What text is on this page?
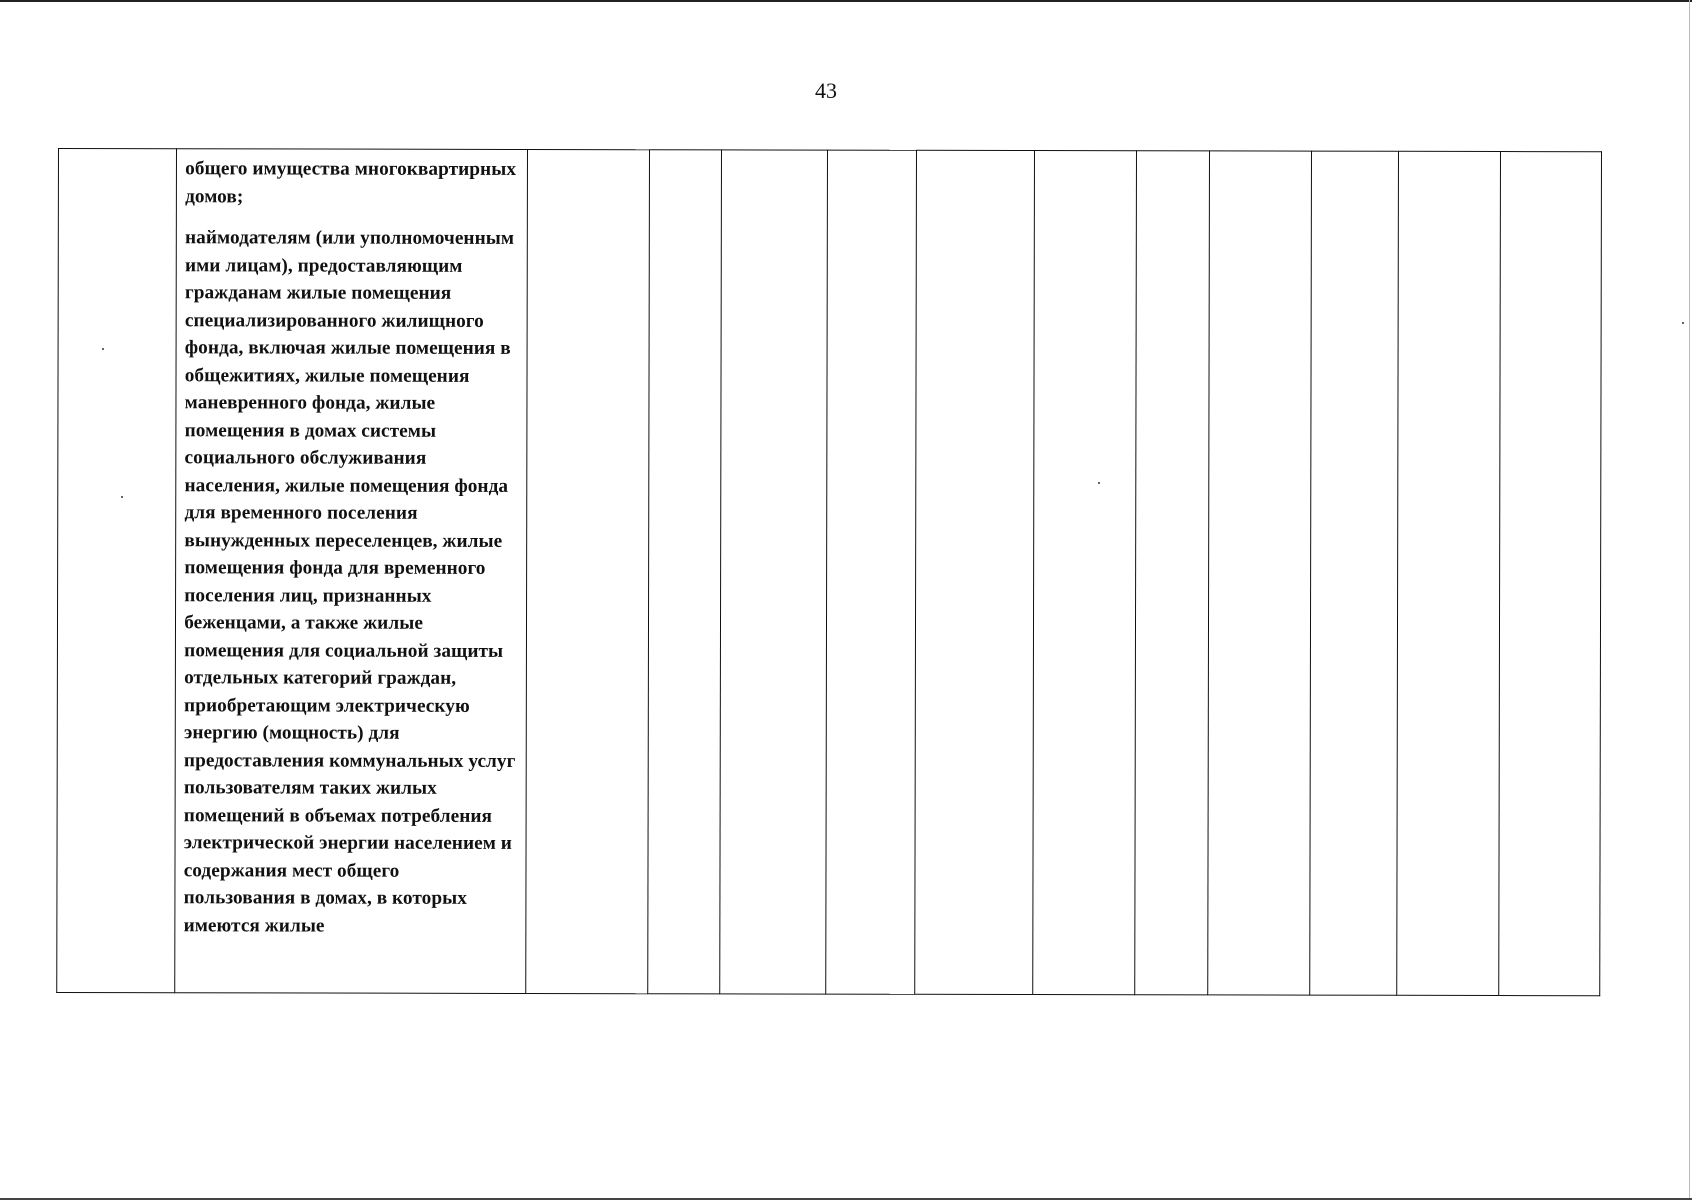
43

общего имущества многоквартирных домов;

наймодателям (или уполномоченным ими лицам), предоставляющим гражданам жилые помещения специализированного жилищного фонда, включая жилые помещения в общежитиях, жилые помещения маневренного фонда, жилые помещения в домах системы социального обслуживания населения, жилые помещения фонда для временного поселения вынужденных переселенцев, жилые помещения фонда для временного поселения лиц, признанных беженцами, а также жилые помещения для социальной защиты отдельных категорий граждан, приобретающим электрическую энергию (мощность) для предоставления коммунальных услуг пользователям таких жилых помещений в объемах потребления электрической энергии населением и содержания мест общего пользования в домах, в которых имеются жилые
